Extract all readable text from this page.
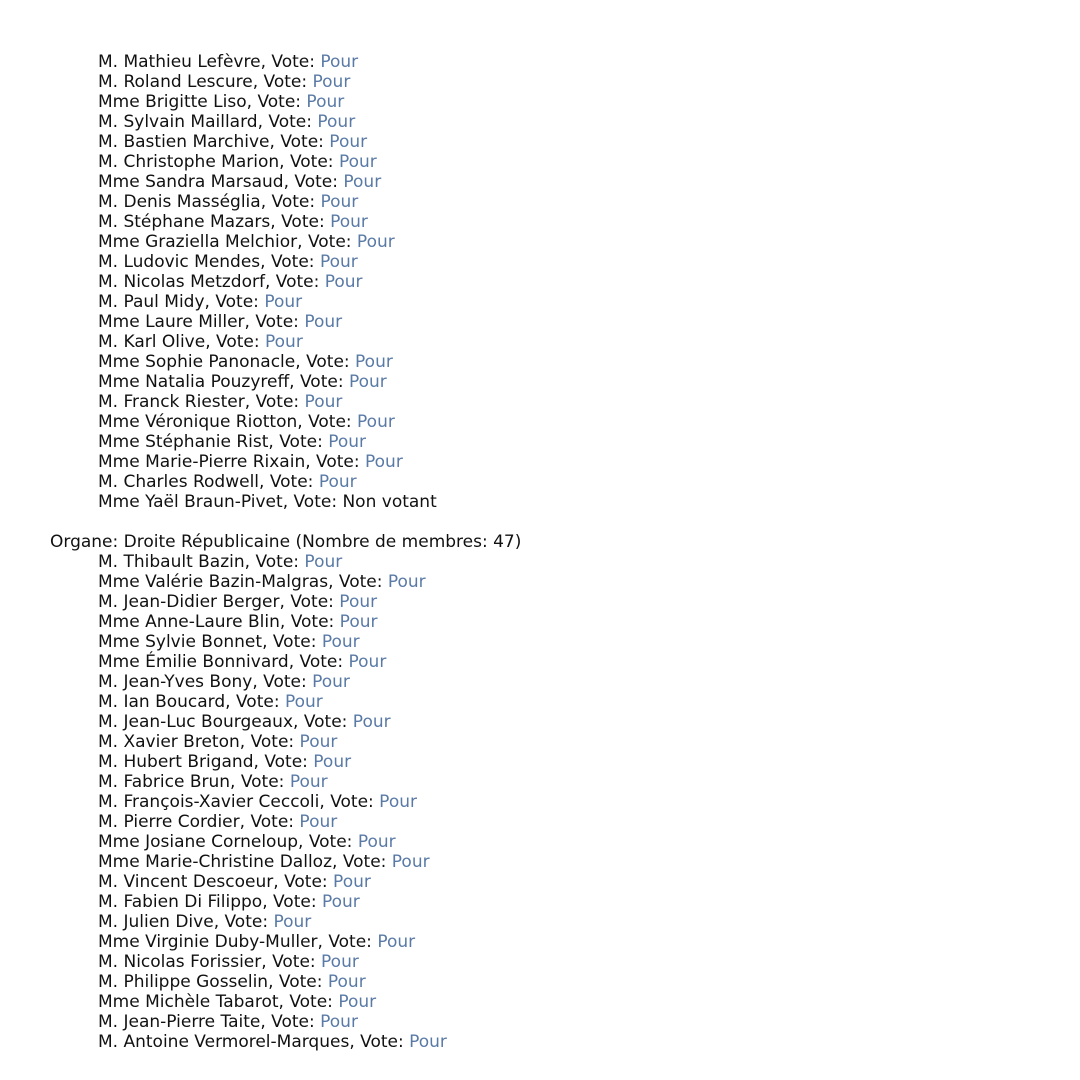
M. Mathieu Lefèvre, Vote: Pour
M. Roland Lescure, Vote: Pour
Mme Brigitte Liso, Vote: Pour
M. Sylvain Maillard, Vote: Pour
M. Bastien Marchive, Vote: Pour
M. Christophe Marion, Vote: Pour
Mme Sandra Marsaud, Vote: Pour
M. Denis Masséglia, Vote: Pour
M. Stéphane Mazars, Vote: Pour
Mme Graziella Melchior, Vote: Pour
M. Ludovic Mendes, Vote: Pour
M. Nicolas Metzdorf, Vote: Pour
M. Paul Midy, Vote: Pour
Mme Laure Miller, Vote: Pour
M. Karl Olive, Vote: Pour
Mme Sophie Panonacle, Vote: Pour
Mme Natalia Pouzyreff, Vote: Pour
M. Franck Riester, Vote: Pour
Mme Véronique Riotton, Vote: Pour
Mme Stéphanie Rist, Vote: Pour
Mme Marie-Pierre Rixain, Vote: Pour
M. Charles Rodwell, Vote: Pour
Mme Yaël Braun-Pivet, Vote: Non votant
Organe: Droite Républicaine (Nombre de membres: 47)
M. Thibault Bazin, Vote: Pour
Mme Valérie Bazin-Malgras, Vote: Pour
M. Jean-Didier Berger, Vote: Pour
Mme Anne-Laure Blin, Vote: Pour
Mme Sylvie Bonnet, Vote: Pour
Mme Émilie Bonnivard, Vote: Pour
M. Jean-Yves Bony, Vote: Pour
M. Ian Boucard, Vote: Pour
M. Jean-Luc Bourgeaux, Vote: Pour
M. Xavier Breton, Vote: Pour
M. Hubert Brigand, Vote: Pour
M. Fabrice Brun, Vote: Pour
M. François-Xavier Ceccoli, Vote: Pour
M. Pierre Cordier, Vote: Pour
Mme Josiane Corneloup, Vote: Pour
Mme Marie-Christine Dalloz, Vote: Pour
M. Vincent Descoeur, Vote: Pour
M. Fabien Di Filippo, Vote: Pour
M. Julien Dive, Vote: Pour
Mme Virginie Duby-Muller, Vote: Pour
M. Nicolas Forissier, Vote: Pour
M. Philippe Gosselin, Vote: Pour
Mme Michèle Tabarot, Vote: Pour
M. Jean-Pierre Taite, Vote: Pour
M. Antoine Vermorel-Marques, Vote: Pour
